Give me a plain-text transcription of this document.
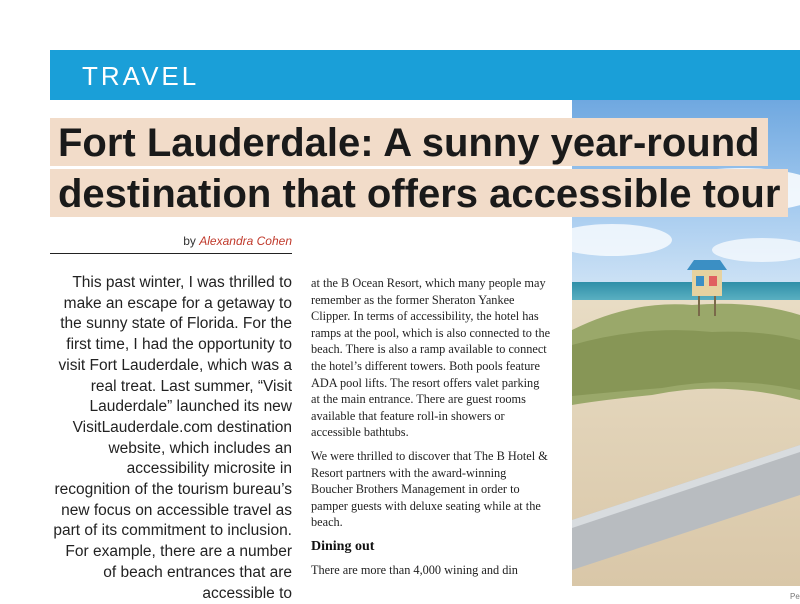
TRAVEL
Fort Lauderdale: A sunny year-round
destination that offers accessible tour
by Alexandra Cohen

This past winter, I was thrilled to make an escape for a getaway to the sunny state of Florida. For the first time, I had the opportunity to visit Fort Lauderdale, which was a real treat. Last summer, “Visit Lauderdale” launched its new VisitLauderdale.com destination website, which includes an accessibility microsite in recognition of the tourism bureau’s new focus on accessible travel as part of its commitment to inclusion. For example, there are a number of beach entrances that are accessible to

at the B Ocean Resort, which many people may remember as the former Sheraton Yankee Clipper. In terms of accessibility, the hotel has ramps at the pool, which is also connected to the beach. There is also a ramp available to connect the hotel’s different towers. Both pools feature ADA pool lifts. The resort offers valet parking at the main entrance. There are guest rooms available that feature roll-in showers or accessible bathtubs.

We were thrilled to discover that The B Hotel & Resort partners with the award-winning Boucher Brothers Management in order to pamper guests with deluxe seating while at the beach.

Dining out

There are more than 4,000 wining and din

Pe
